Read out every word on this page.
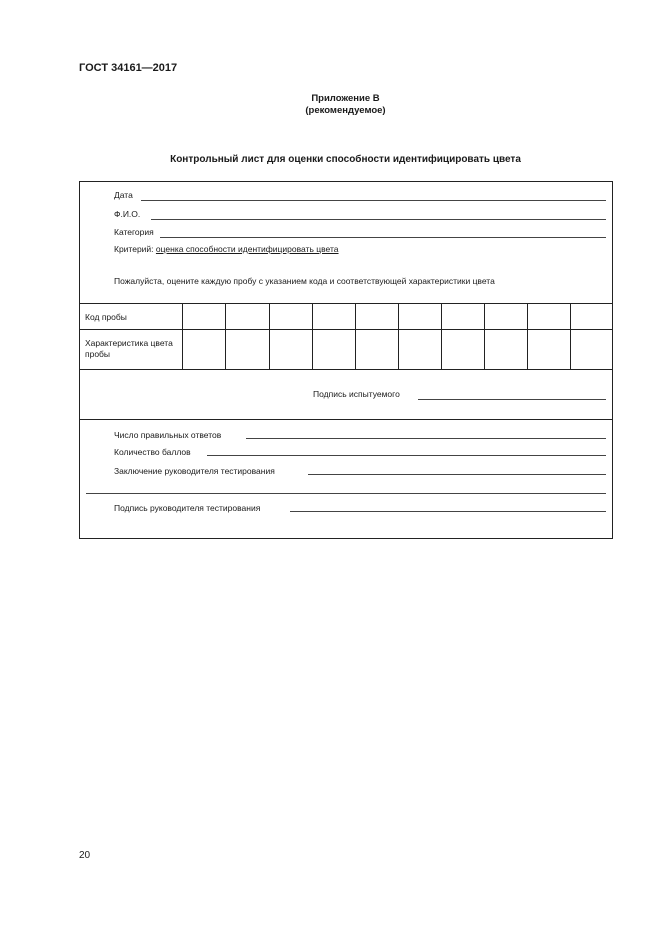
ГОСТ 34161—2017
Приложение В
(рекомендуемое)
Контрольный лист для оценки способности идентифицировать цвета
Дата
Ф.И.О.
Категория
Критерий: оценка способности идентифицировать цвета
Пожалуйста, оцените каждую пробу с указанием кода и соответствующей характеристики цвета
Код пробы
Характеристика цвета пробы
Подпись испытуемого
Число правильных ответов
Количество баллов
Заключение руководителя тестирования
Подпись руководителя тестирования
20
